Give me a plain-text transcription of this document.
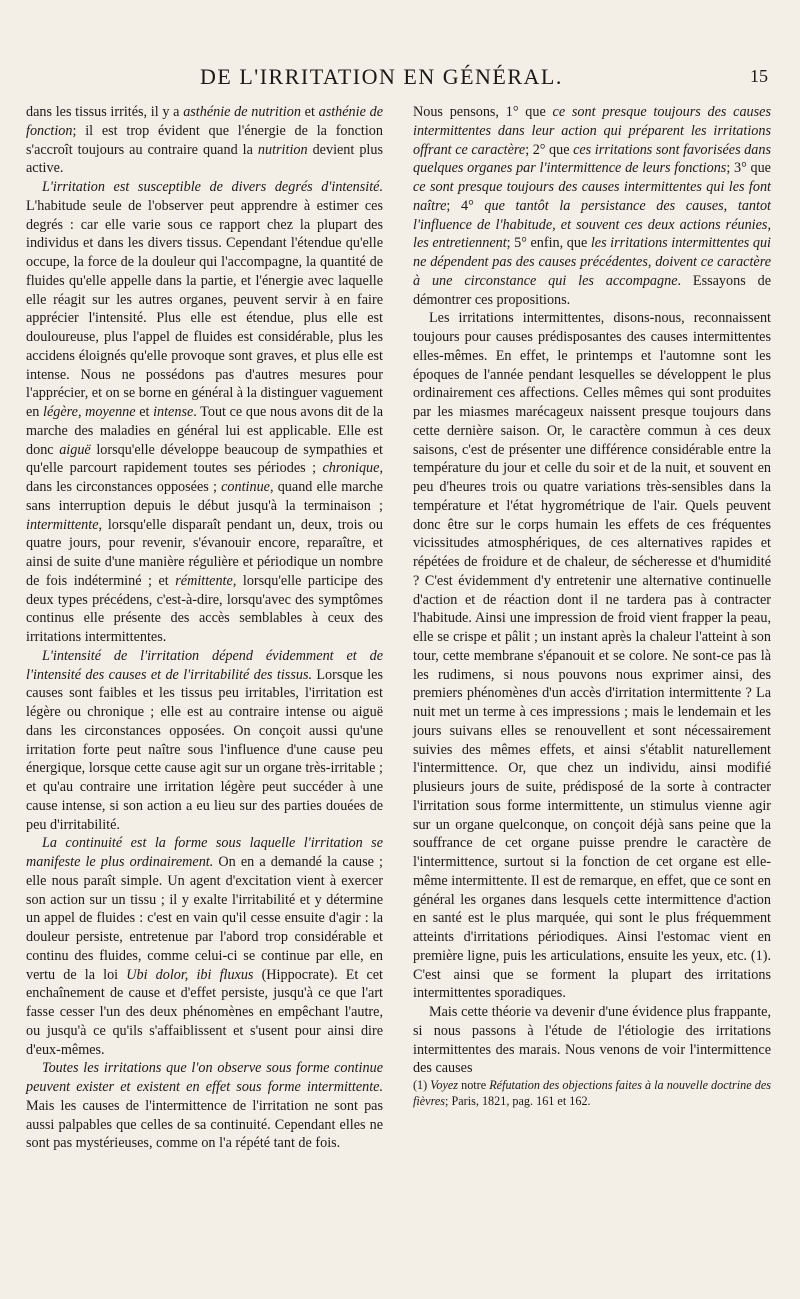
DE L'IRRITATION EN GÉNÉRAL.	15

dans les tissus irrités, il y a asthénie de nutrition et asthénie de fonction; il est trop évident que l'énergie de la fonction s'accroît toujours au contraire quand la nutrition devient plus active.

L'irritation est susceptible de divers degrés d'intensité. L'habitude seule de l'observer peut apprendre à estimer ces degrés : car elle varie sous ce rapport chez la plupart des individus et dans les divers tissus. Cependant l'étendue qu'elle occupe, la force de la douleur qui l'accompagne, la quantité de fluides qu'elle appelle dans la partie, et l'énergie avec laquelle elle réagit sur les autres organes, peuvent servir à en faire apprécier l'intensité. Plus elle est étendue, plus elle est douloureuse, plus l'appel de fluides est considérable, plus les accidens éloignés qu'elle provoque sont graves, et plus elle est intense. Nous ne possédons pas d'autres mesures pour l'apprécier, et on se borne en général à la distinguer vaguement en légère, moyenne et intense. Tout ce que nous avons dit de la marche des maladies en général lui est applicable. Elle est donc aiguë lorsqu'elle développe beaucoup de sympathies et qu'elle parcourt rapidement toutes ses périodes ; chronique, dans les circonstances opposées ; continue, quand elle marche sans interruption depuis le début jusqu'à la terminaison ; intermittente, lorsqu'elle disparaît pendant un, deux, trois ou quatre jours, pour revenir, s'évanouir encore, reparaître, et ainsi de suite d'une manière régulière et périodique un nombre de fois indéterminé ; et rémittente, lorsqu'elle participe des deux types précédens, c'est-à-dire, lorsqu'avec des symptômes continus elle présente des accès semblables à ceux des irritations intermittentes.

L'intensité de l'irritation dépend évidemment et de l'intensité des causes et de l'irritabilité des tissus. Lorsque les causes sont faibles et les tissus peu irritables, l'irritation est légère ou chronique ; elle est au contraire intense ou aiguë dans les circonstances opposées. On conçoit aussi qu'une irritation forte peut naître sous l'influence d'une cause peu énergique, lorsque cette cause agit sur un organe très-irritable ; et qu'au contraire une irritation légère peut succéder à une cause intense, si son action a eu lieu sur des parties douées de peu d'irritabilité.

La continuité est la forme sous laquelle l'irritation se manifeste le plus ordinairement. On en a demandé la cause ; elle nous paraît simple. Un agent d'excitation vient à exercer son action sur un tissu ; il y exalte l'irritabilité et y détermine un appel de fluides : c'est en vain qu'il cesse ensuite d'agir : la douleur persiste, entretenue par l'abord trop considérable et continu des fluides, comme celui-ci se continue par elle, en vertu de la loi Ubi dolor, ibi fluxus (Hippocrate). Et cet enchaînement de cause et d'effet persiste, jusqu'à ce que l'art fasse cesser l'un des deux phénomènes en empêchant l'autre, ou jusqu'à ce qu'ils s'affaiblissent et s'usent pour ainsi dire d'eux-mêmes.

Toutes les irritations que l'on observe sous forme continue peuvent exister et existent en effet sous forme intermittente. Mais les causes de l'intermittence de l'irritation ne sont pas aussi palpables que celles de sa continuité. Cependant elles ne sont pas mystérieuses, comme on l'a répété tant de fois.

Nous pensons, 1° que ce sont presque toujours des causes intermittentes dans leur action qui préparent les irritations offrant ce caractère; 2° que ces irritations sont favorisées dans quelques organes par l'intermittence de leurs fonctions; 3° que ce sont presque toujours des causes intermittentes qui les font naître; 4° que tantôt la persistance des causes, tantot l'influence de l'habitude, et souvent ces deux actions réunies, les entretiennent; 5° enfin, que les irritations intermittentes qui ne dépendent pas des causes précédentes, doivent ce caractère à une circonstance qui les accompagne. Essayons de démontrer ces propositions.

Les irritations intermittentes, disons-nous, reconnaissent toujours pour causes prédisposantes des causes intermittentes elles-mêmes. En effet, le printemps et l'automne sont les époques de l'année pendant lesquelles se développent le plus ordinairement ces affections. Celles mêmes qui sont produites par les miasmes marécageux naissent presque toujours dans cette dernière saison. Or, le caractère commun à ces deux saisons, c'est de présenter une différence considérable entre la température du jour et celle du soir et de la nuit, et souvent en peu d'heures trois ou quatre variations très-sensibles dans la température et l'état hygrométrique de l'air. Quels peuvent donc être sur le corps humain les effets de ces fréquentes vicissitudes atmosphériques, de ces alternatives rapides et répétées de froidure et de chaleur, de sécheresse et d'humidité ? C'est évidemment d'y entretenir une alternative continuelle d'action et de réaction dont il ne tardera pas à contracter l'habitude. Ainsi une impression de froid vient frapper la peau, elle se crispe et pâlit ; un instant après la chaleur l'atteint à son tour, cette membrane s'épanouit et se colore. Ne sont-ce pas là les rudimens, si nous pouvons nous exprimer ainsi, des premiers phénomènes d'un accès d'irritation intermittente ? La nuit met un terme à ces impressions ; mais le lendemain et les jours suivans elles se renouvellent et sont nécessairement suivies des mêmes effets, et ainsi s'établit naturellement l'intermittence. Or, que chez un individu, ainsi modifié plusieurs jours de suite, prédisposé de la sorte à contracter l'irritation sous forme intermittente, un stimulus vienne agir sur un organe quelconque, on conçoit déjà sans peine que la souffrance de cet organe puisse prendre le caractère de l'intermittence, surtout si la fonction de cet organe est elle-même intermittente. Il est de remarque, en effet, que ce sont en général les organes dans lesquels cette intermittence d'action en santé est le plus marquée, qui sont le plus fréquemment atteints d'irritations périodiques. Ainsi l'estomac vient en première ligne, puis les articulations, ensuite les yeux, etc. (1). C'est ainsi que se forment la plupart des irritations intermittentes sporadiques.

Mais cette théorie va devenir d'une évidence plus frappante, si nous passons à l'étude de l'étiologie des irritations intermittentes des marais. Nous venons de voir l'intermittence des causes

(1) Voyez notre Réfutation des objections faites à la nouvelle doctrine des fièvres; Paris, 1821, pag. 161 et 162.
